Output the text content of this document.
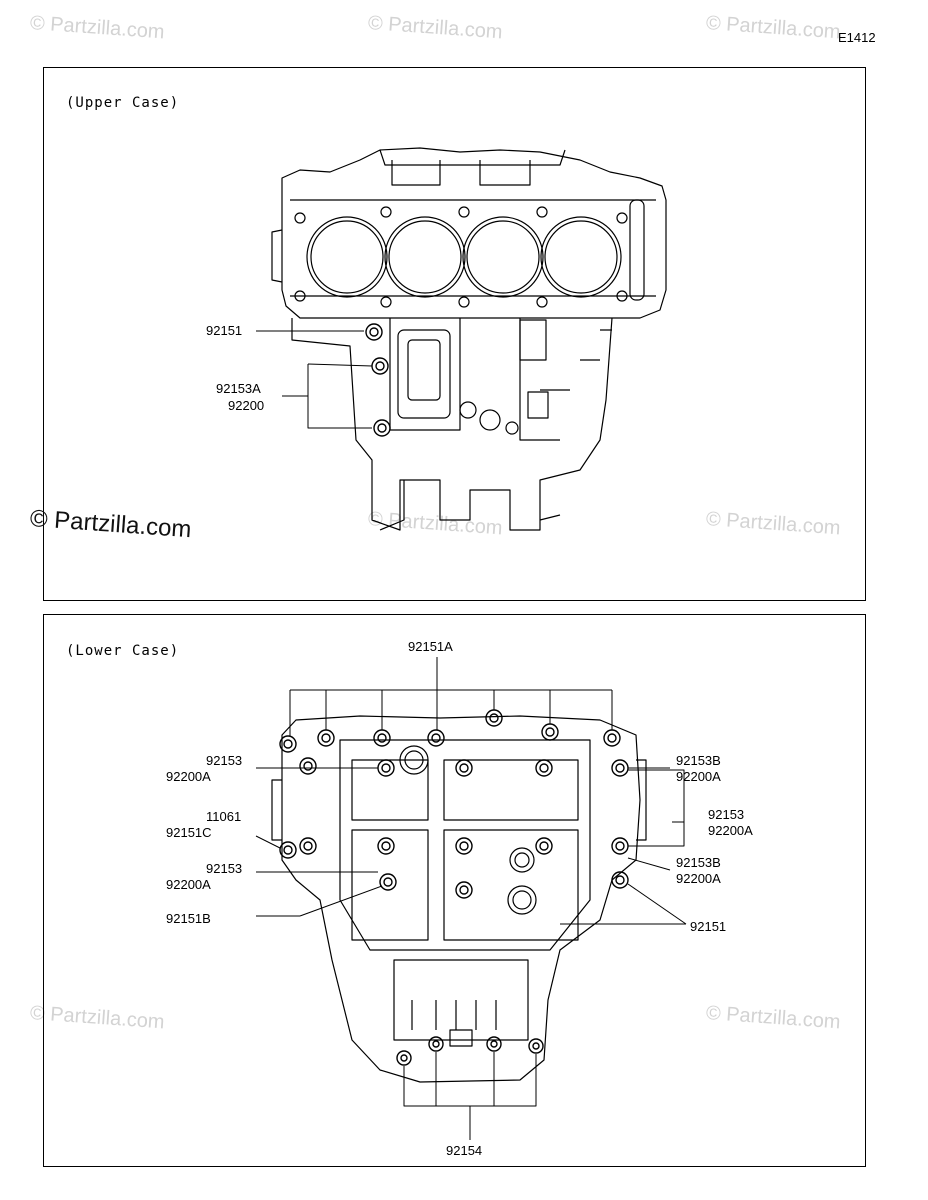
© Partzilla.com	© Partzilla.com	© Partzilla.com
© Partzilla.com	© Partzilla.com
© Partzilla.com	© Partzilla.com
E1412
(Upper Case)
(Lower Case)
92151
92153A
92200
© Partzilla.com
92151A
92153
92200A
11061
92151C
92153
92200A
92151B
92153B
92200A
92153
92200A
92153B
92200A
92151
92154
